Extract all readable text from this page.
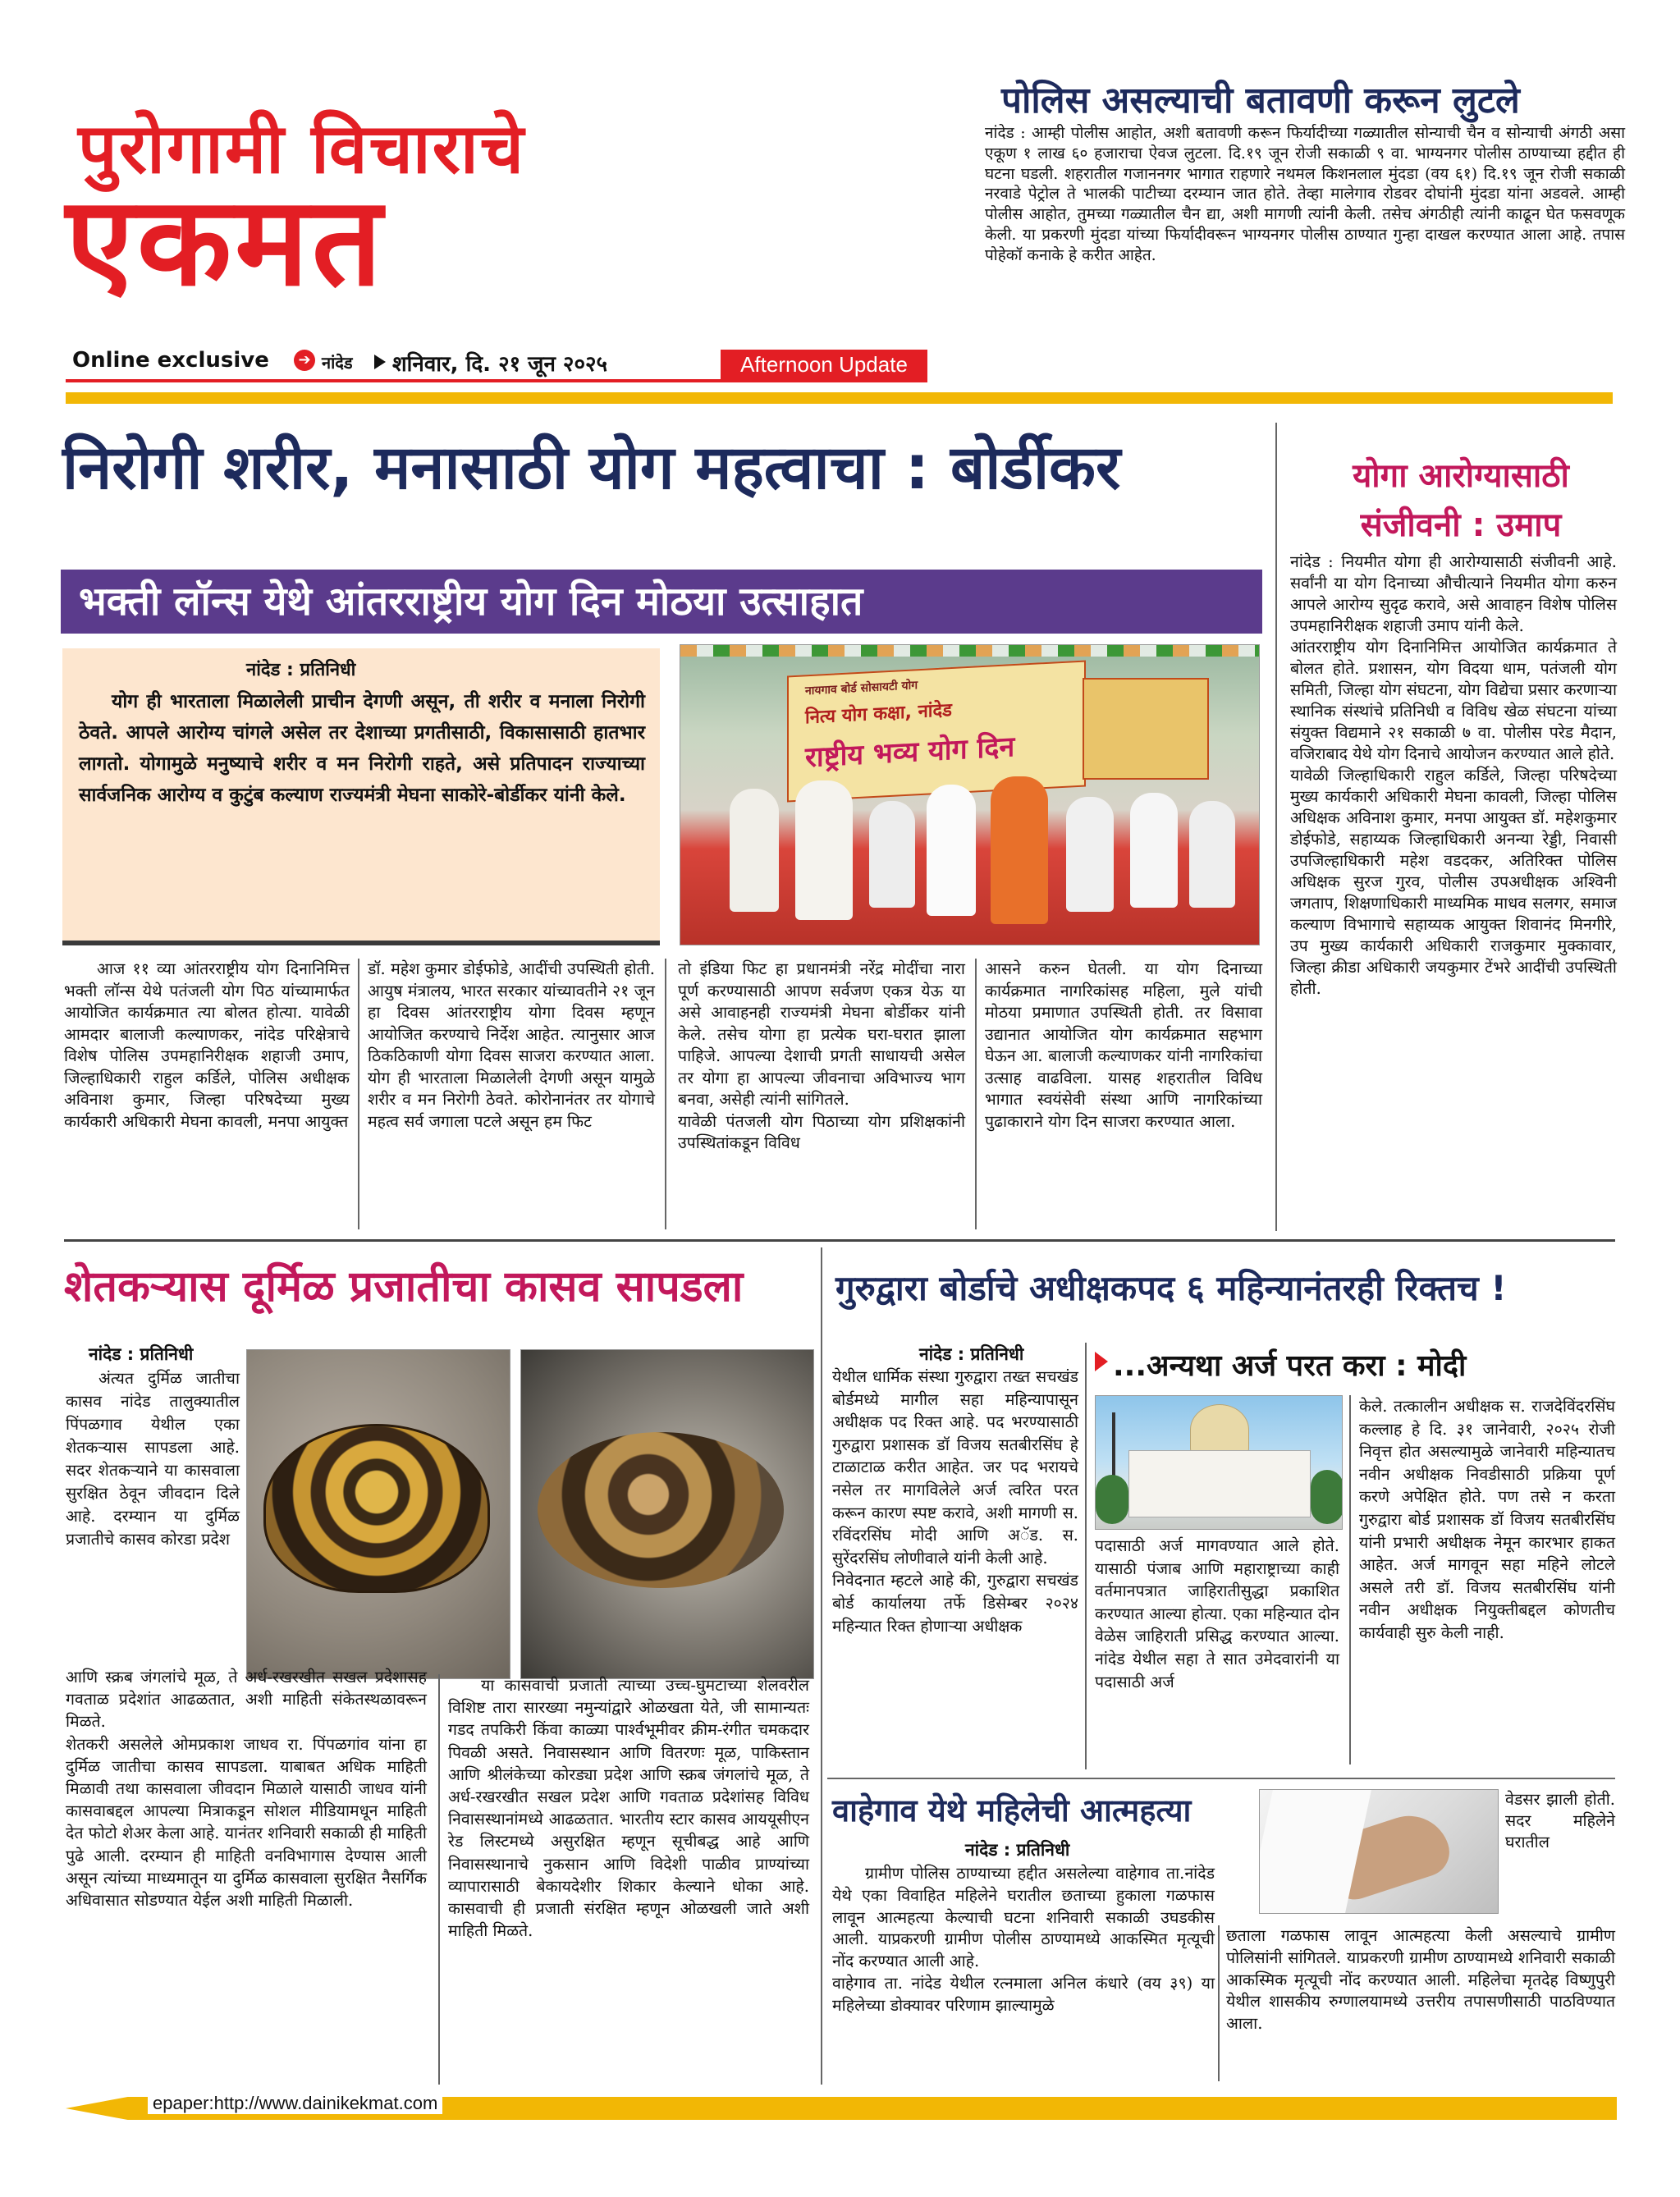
पुरोगामी विचाराचे
एकमत
Online exclusive	➔ नांदेड शनिवार, दि. २१ जून २०२५	Afternoon Update
पोलिस असल्याची बतावणी करून लुटले
नांदेड : आम्ही पोलीस आहोत, अशी बतावणी करून फिर्यादीच्या गळ्यातील सोन्याची चैन व सोन्याची अंगठी असा एकूण १ लाख ६० हजाराचा ऐवज लुटला. दि.१९ जून रोजी सकाळी ९ वा. भाग्यनगर पोलीस ठाण्याच्या हद्दीत ही घटना घडली. शहरातील गजाननगर भागात राहणारे नथमल किशनलाल मुंदडा (वय ६१) दि.१९ जून रोजी सकाळी नरवाडे पेट्रोल ते भालकी पाटीच्या दरम्यान जात होते. तेव्हा मालेगाव रोडवर दोघांनी मुंदडा यांना अडवले. आम्ही पोलीस आहोत, तुमच्या गळ्यातील चैन द्या, अशी मागणी त्यांनी केली. तसेच अंगठीही त्यांनी काढून घेत फसवणूक केली. या प्रकरणी मुंदडा यांच्या फिर्यादीवरून भाग्यनगर पोलीस ठाण्यात गुन्हा दाखल करण्यात आला आहे. तपास पोहेकॉ कनाके हे करीत आहेत.
निरोगी शरीर, मनासाठी योग महत्वाचा : बोर्डीकर
भक्ती लॉन्स येथे आंतरराष्ट्रीय योग दिन मोठया उत्साहात
नांदेड : प्रतिनिधी
योग ही भारताला मिळालेली प्राचीन देगणी असून, ती शरीर व मनाला निरोगी ठेवते. आपले आरोग्य चांगले असेल तर देशाच्या प्रगतीसाठी, विकासासाठी हातभार लागतो. योगामुळे मनुष्याचे शरीर व मन निरोगी राहते, असे प्रतिपादन राज्याच्या सार्वजनिक आरोग्य व कुटुंब कल्याण राज्यमंत्री मेघना साकोरे-बोर्डीकर यांनी केले.
नायगाव बोर्ड सोसायटी योग
नित्य योग कक्षा, नांदेड
राष्ट्रीय भव्य योग दिन
आज ११ व्या आंतरराष्ट्रीय योग दिनानिमित्त भक्ती लॉन्स येथे पतंजली योग पिठ यांच्यामार्फत आयोजित कार्यक्रमात त्या बोलत होत्या. यावेळी आमदार बालाजी कल्याणकर, नांदेड परिक्षेत्राचे विशेष पोलिस उपमहानिरीक्षक शहाजी उमाप, जिल्हाधिकारी राहुल कर्डिले, पोलिस अधीक्षक अविनाश कुमार, जिल्हा परिषदेच्या मुख्य कार्यकारी अधिकारी मेघना कावली, मनपा आयुक्त
डॉ. महेश कुमार डोईफोडे, आदींची उपस्थिती होती. आयुष मंत्रालय, भारत सरकार यांच्यावतीने २१ जून हा दिवस आंतरराष्ट्रीय योगा दिवस म्हणून आयोजित करण्याचे निर्देश आहेत. त्यानुसार आज ठिकठिकाणी योगा दिवस साजरा करण्यात आला. योग ही भारताला मिळालेली देगणी असून यामुळे शरीर व मन निरोगी ठेवते. कोरोनानंतर तर योगाचे महत्व सर्व जगाला पटले असून हम फिट
तो इंडिया फिट हा प्रधानमंत्री नरेंद्र मोदींचा नारा पूर्ण करण्यासाठी आपण सर्वजण एकत्र येऊ या असे आवाहनही राज्यमंत्री मेघना बोर्डीकर यांनी केले. तसेच योगा हा प्रत्येक घरा-घरात झाला पाहिजे. आपल्या देशाची प्रगती साधायची असेल तर योगा हा आपल्या जीवनाचा अविभाज्य भाग बनवा, असेही त्यांनी सांगितले.
यावेळी पंतजली योग पिठाच्या योग प्रशिक्षकांनी उपस्थितांकडून विविध
आसने करुन घेतली. या योग दिनाच्या कार्यक्रमात नागरिकांसह महिला, मुले यांची मोठया प्रमाणात उपस्थिती होती. तर विसावा उद्यानात आयोजित योग कार्यक्रमात सहभाग घेऊन आ. बालाजी कल्याणकर यांनी नागरिकांचा उत्साह वाढविला. यासह शहरातील विविध भागात स्वयंसेवी संस्था आणि नागरिकांच्या पुढाकाराने योग दिन साजरा करण्यात आला.
योगा आरोग्यासाठी
संजीवनी : उमाप
नांदेड : नियमीत योगा ही आरोग्यासाठी संजीवनी आहे. सर्वांनी या योग दिनाच्या औचीत्याने नियमीत योगा करुन आपले आरोग्य सुदृढ करावे, असे आवाहन विशेष पोलिस उपमहानिरीक्षक शहाजी उमाप यांनी केले.
आंतरराष्ट्रीय योग दिनानिमित्त आयोजित कार्यक्रमात ते बोलत होते. प्रशासन, योग विदया धाम, पतंजली योग समिती, जिल्हा योग संघटना, योग विद्येचा प्रसार करणाऱ्या स्थानिक संस्थांचे प्रतिनिधी व विविध खेळ संघटना यांच्या संयुक्त विद्यमाने २१ सकाळी ७ वा. पोलीस परेड मैदान, वजिराबाद येथे योग दिनाचे आयोजन करण्यात आले होते.
यावेळी जिल्हाधिकारी राहुल कर्डिले, जिल्हा परिषदेच्या मुख्य कार्यकारी अधिकारी मेघना कावली, जिल्हा पोलिस अधिक्षक अविनाश कुमार, मनपा आयुक्त डॉ. महेशकुमार डोईफोडे, सहाय्यक जिल्हाधिकारी अनन्या रेड्डी, निवासी उपजिल्हाधिकारी महेश वडदकर, अतिरिक्त पोलिस अधिक्षक सुरज गुरव, पोलीस उपअधीक्षक अश्विनी जगताप, शिक्षणाधिकारी माध्यमिक माधव सलगर, समाज कल्याण विभागाचे सहाय्यक आयुक्त शिवानंद मिनगीरे, उप मुख्य कार्यकारी अधिकारी राजकुमार मुक्कावार, जिल्हा क्रीडा अधिकारी जयकुमार टेंभरे आदींची उपस्थिती होती.
शेतकऱ्यास दूर्मिळ प्रजातीचा कासव सापडला
नांदेड : प्रतिनिधी
अंत्यत दुर्मिळ जातीचा कासव नांदेड तालुक्यातील पिंपळगाव येथील एका शेतकऱ्यास सापडला आहे. सदर शेतकऱ्याने या कासवाला सुरक्षित ठेवून जीवदान दिले आहे. दरम्यान या दुर्मिळ प्रजातीचे कासव कोरडा प्रदेश
आणि स्क्रब जंगलांचे मूळ, ते अर्ध-रखरखीत सखल प्रदेशासह गवताळ प्रदेशांत आढळतात, अशी माहिती संकेतस्थळावरून मिळते.
शेतकरी असलेले ओमप्रकाश जाधव रा. पिंपळगांव यांना हा दुर्मिळ जातीचा कासव सापडला. याबाबत अधिक माहिती मिळावी तथा कासवाला जीवदान मिळाले यासाठी जाधव यांनी कासवाबद्दल आपल्या मित्राकडून सोशल मीडियामधून माहिती देत फोटो शेअर केला आहे. यानंतर शनिवारी सकाळी ही माहिती पुढे आली. दरम्यान ही माहिती वनविभागास देण्यास आली असून त्यांच्या माध्यमातून या दुर्मिळ कासवाला सुरक्षित नैसर्गिक अधिवासात सोडण्यात येईल अशी माहिती मिळाली.
या कासवाची प्रजाती त्याच्या उच्च-घुमटाच्या शेलवरील विशिष्ट तारा सारख्या नमुन्यांद्वारे ओळखता येते, जी सामान्यतः गडद तपकिरी किंवा काळ्या पार्श्वभूमीवर क्रीम-रंगीत चमकदार पिवळी असते. निवासस्थान आणि वितरणः मूळ, पाकिस्तान आणि श्रीलंकेच्या कोरड्या प्रदेश आणि स्क्रब जंगलांचे मूळ, ते अर्ध-रखरखीत सखल प्रदेश आणि गवताळ प्रदेशांसह विविध निवासस्थानांमध्ये आढळतात. भारतीय स्टार कासव आययूसीएन रेड लिस्टमध्ये असुरक्षित म्हणून सूचीबद्ध आहे आणि निवासस्थानाचे नुकसान आणि विदेशी पाळीव प्राण्यांच्या व्यापारासाठी बेकायदेशीर शिकार केल्याने धोका आहे. कासवाची ही प्रजाती संरक्षित म्हणून ओळखली जाते अशी माहिती मिळते.
गुरुद्वारा बोर्डाचे अधीक्षकपद ६ महिन्यानंतरही रिक्तच !
नांदेड : प्रतिनिधी
येथील धार्मिक संस्था गुरुद्वारा तख्त सचखंड बोर्डमध्ये मागील सहा महिन्यापासून अधीक्षक पद रिक्त आहे. पद भरण्यासाठी गुरुद्वारा प्रशासक डॉ विजय सतबीरसिंघ हे टाळाटाळ करीत आहेत. जर पद भरायचे नसेल तर मागविलेले अर्ज त्वरित परत करून कारण स्पष्ट करावे, अशी मागणी स. रविंदरसिंघ मोदी आणि अॅड. स. सुरेंदरसिंघ लोणीवाले यांनी केली आहे.
निवेदनात म्हटले आहे की, गुरुद्वारा सचखंड बोर्ड कार्यालया तर्फे डिसेम्बर २०२४ महिन्यात रिक्त होणाऱ्या अधीक्षक
...अन्यथा अर्ज परत करा : मोदी
पदासाठी अर्ज मागवण्यात आले होते. यासाठी पंजाब आणि महाराष्ट्राच्या काही वर्तमानपत्रात जाहिरातीसुद्धा प्रकाशित करण्यात आल्या होत्या. एका महिन्यात दोन वेळेस जाहिराती प्रसिद्ध करण्यात आल्या. नांदेड येथील सहा ते सात उमेदवारांनी या पदासाठी अर्ज
केले. तत्कालीन अधीक्षक स. राजदेविंदरसिंघ कल्लाह हे दि. ३१ जानेवारी, २०२५ रोजी निवृत्त होत असल्यामुळे जानेवारी महिन्यातच नवीन अधीक्षक निवडीसाठी प्रक्रिया पूर्ण करणे अपेक्षित होते. पण तसे न करता गुरुद्वारा बोर्ड प्रशासक डॉ विजय सतबीरसिंघ यांनी प्रभारी अधीक्षक नेमून कारभार हाकत आहेत. अर्ज मागवून सहा महिने लोटले असले तरी डॉ. विजय सतबीरसिंघ यांनी नवीन अधीक्षक नियुक्तीबद्दल कोणतीच कार्यवाही सुरु केली नाही.
वाहेगाव येथे महिलेची आत्महत्या
नांदेड : प्रतिनिधी
ग्रामीण पोलिस ठाण्याच्या हद्दीत असलेल्या वाहेगाव ता.नांदेड येथे एका विवाहित महिलेने घरातील छताच्या हुकाला गळफास लावून आत्महत्या केल्याची घटना शनिवारी सकाळी उघडकीस आली. याप्रकरणी ग्रामीण पोलीस ठाण्यामध्ये आकस्मित मृत्यूची नोंद करण्यात आली आहे.
वाहेगाव ता. नांदेड येथील रत्नमाला अनिल कंधारे (वय ३९) या महिलेच्या डोक्यावर परिणाम झाल्यामुळे
वेडसर झाली होती. सदर महिलेने घरातील
छताला गळफास लावून आत्महत्या केली असल्याचे ग्रामीण पोलिसांनी सांगितले. याप्रकरणी ग्रामीण ठाण्यामध्ये शनिवारी सकाळी आकस्मिक मृत्यूची नोंद करण्यात आली. महिलेचा मृतदेह विष्णुपुरी येथील शासकीय रुग्णालयामध्ये उत्तरीय तपासणीसाठी पाठविण्यात आला.
epaper:http://www.dainikekmat.com
